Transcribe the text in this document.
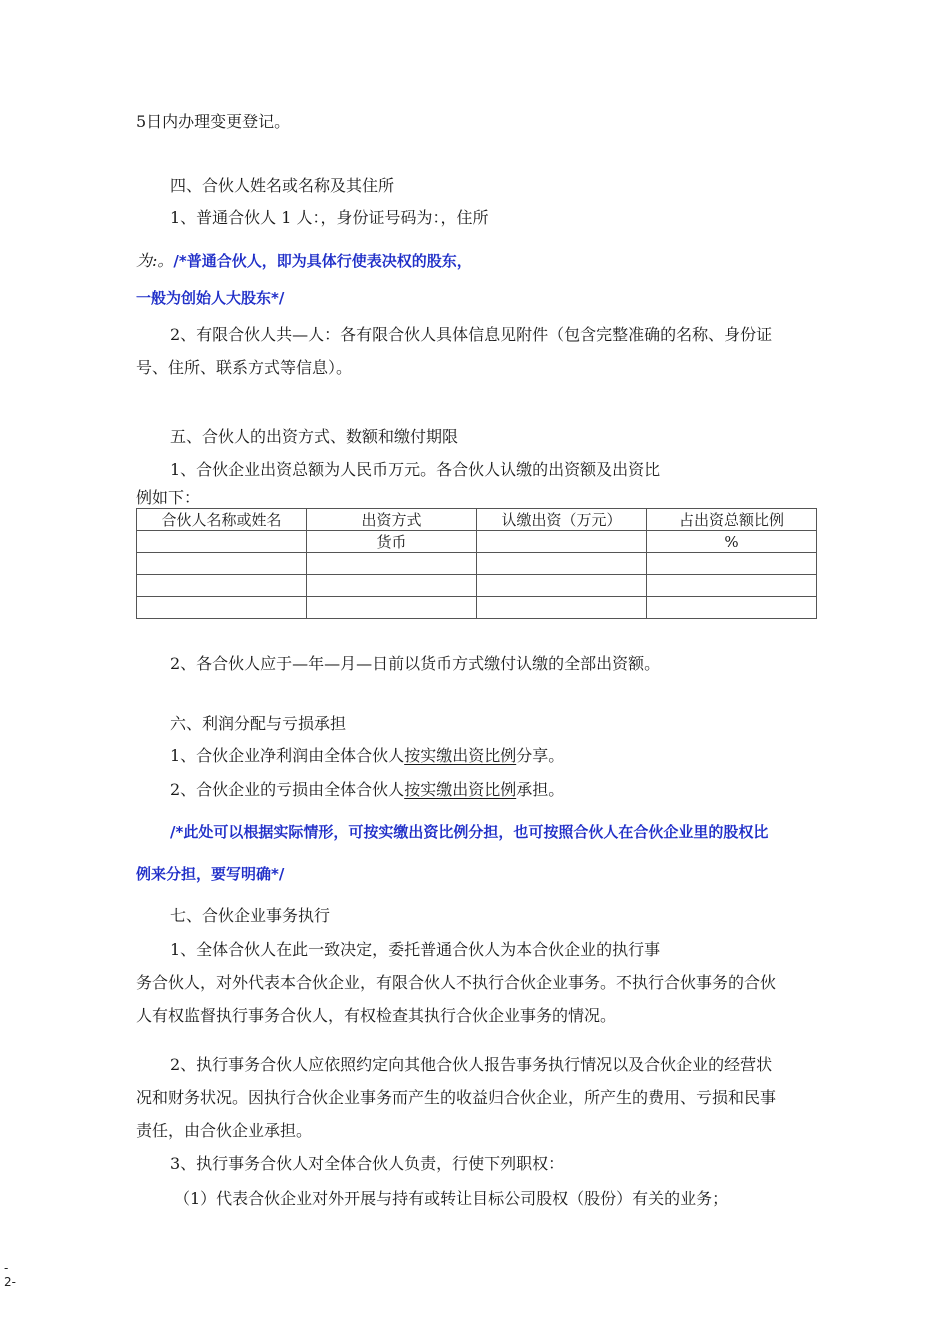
5日内办理变更登记。
四、合伙人姓名或名称及其住所
1、普通合伙人 1 人：，身份证号码为：，住所
为:。/*普通合伙人，即为具体行使表决权的股东，
一般为创始人大股东*/
2、有限合伙人共—人：各有限合伙人具体信息见附件（包含完整准确的名称、身份证
号、住所、联系方式等信息）。
五、合伙人的出资方式、数额和缴付期限
1、合伙企业出资总额为人民币万元。各合伙人认缴的出资额及出资比
例如下：
合伙人名称或姓名	出资方式	认缴出资（万元）	占出资总额比例
	货币		%

2、各合伙人应于—年—月—日前以货币方式缴付认缴的全部出资额。
六、利润分配与亏损承担
1、合伙企业净利润由全体合伙人按实缴出资比例分享。
2、合伙企业的亏损由全体合伙人按实缴出资比例承担。
/*此处可以根据实际情形，可按实缴出资比例分担，也可按照合伙人在合伙企业里的股权比
例来分担，要写明确*/
七、合伙企业事务执行
1、全体合伙人在此一致决定，委托普通合伙人为本合伙企业的执行事
务合伙人，对外代表本合伙企业，有限合伙人不执行合伙企业事务。不执行合伙事务的合伙
人有权监督执行事务合伙人，有权检查其执行合伙企业事务的情况。
2、执行事务合伙人应依照约定向其他合伙人报告事务执行情况以及合伙企业的经营状
况和财务状况。因执行合伙企业事务而产生的收益归合伙企业，所产生的费用、亏损和民事
责任，由合伙企业承担。
3、执行事务合伙人对全体合伙人负责，行使下列职权：
（1）代表合伙企业对外开展与持有或转让目标公司股权（股份）有关的业务；
-
2-
